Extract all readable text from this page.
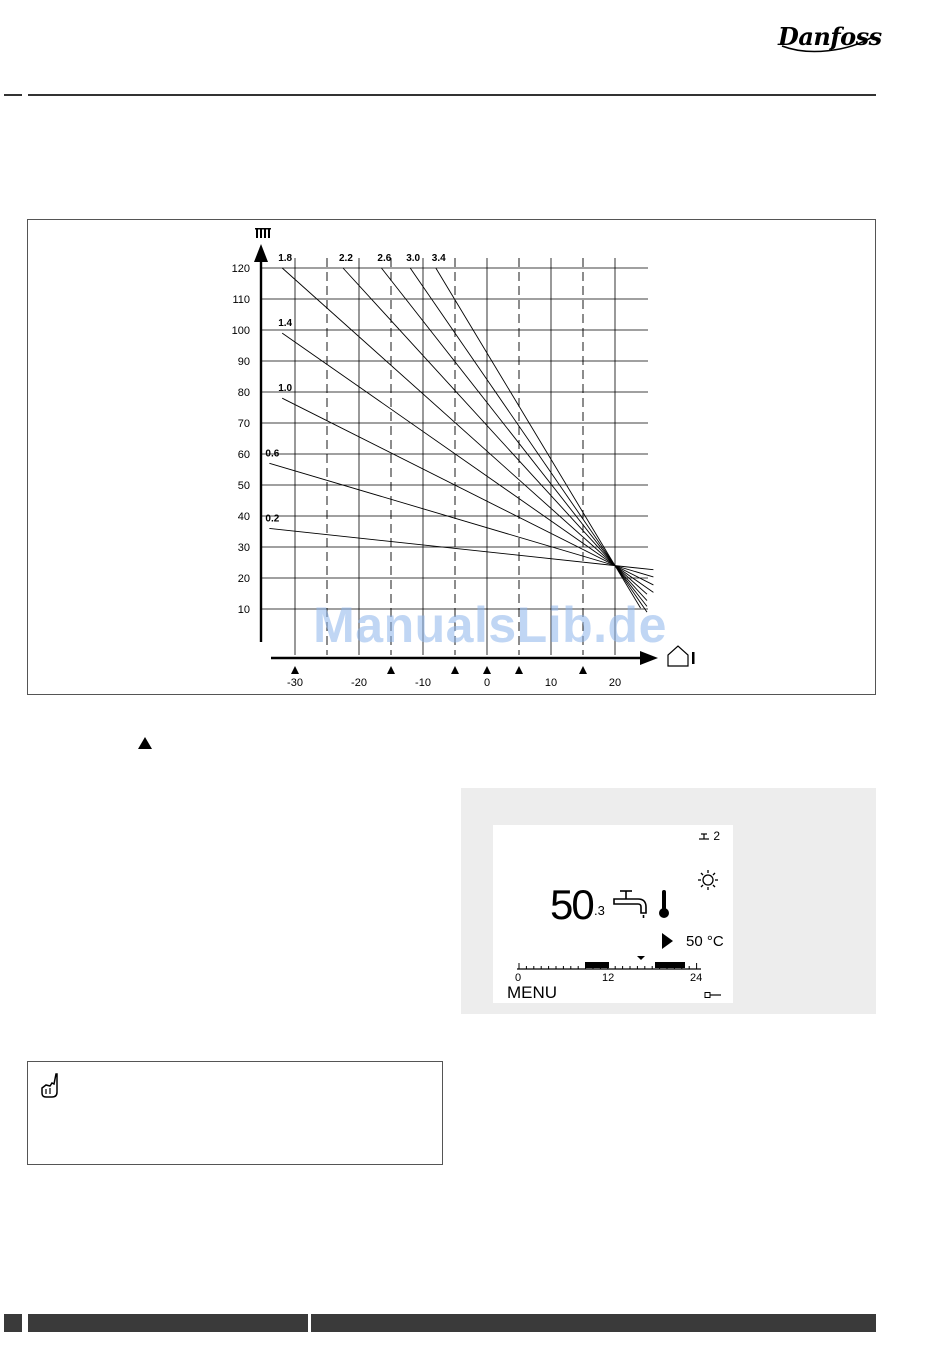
Danfoss
10
20
30
40
50
60
70
80
90
100
110
120
-30	-20	-10	0	10	20
0.2
0.6
1.0
1.4
1.8	2.2 2.6 3.0 3.4
ManualsLib.de
2
50 .3
50 °C
0	12	24
MENU
